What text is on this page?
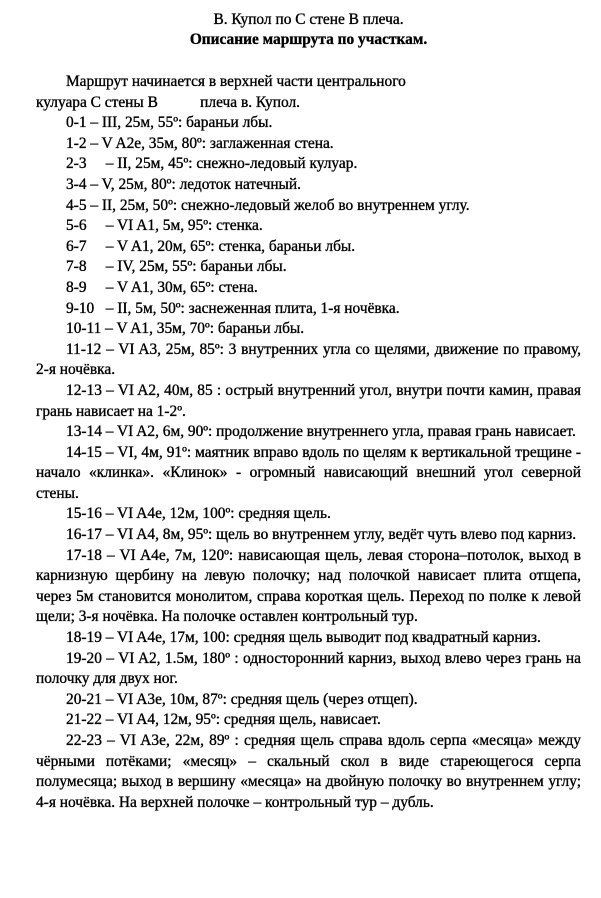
В. Купол по С стене В плеча.

Описание маршрута по участкам.

Маршрут начинается в верхней части центрального
кулуара С стены В           плеча в. Купол.

0-1 – III, 25м, 55º: бараньи лбы.

1-2 – V A2e, 35м, 80º: заглаженная стена.

2-3     – II, 25м, 45º: снежно-ледовый кулуар.

3-4 – V, 25м, 80º: ледоток натечный.

4-5 – II, 25м, 50º: снежно-ледовый желоб во внутреннем углу.

5-6     – VI A1, 5м, 95º: стенка.

6-7     – V A1, 20м, 65º: стенка, бараньи лбы.

7-8     – IV, 25м, 55º: бараньи лбы.

8-9     – V A1, 30м, 65º: стена.

9-10   – II, 5м, 50º: заснеженная плита, 1-я ночёвка.

10-11 – V A1, 35м, 70º: бараньи лбы.

11-12 – VI A3, 25м, 85º: 3 внутренних угла со щелями, движение по правому, 2-я ночёвка.

12-13 – VI A2, 40м, 85 : острый внутренний угол, внутри почти камин, правая грань нависает на 1-2º.

13-14 – VI A2, 6м, 90º: продолжение внутреннего угла, правая грань нависает.

14-15 – VI, 4м, 91º: маятник вправо вдоль по щелям к вертикальной трещине - начало «клинка». «Клинок» - огромный нависающий внешний угол северной стены.

15-16 – VI A4e, 12м, 100º: средняя щель.

16-17 – VI A4, 8м, 95º: щель во внутреннем углу, ведёт чуть влево под карниз.

17-18 – VI A4e, 7м, 120º: нависающая щель, левая сторона–потолок, выход в карнизную щербину на левую полочку; над полочкой нависает плита отщепа, через 5м становится монолитом, справа короткая щель. Переход по полке к левой щели; 3-я ночёвка. На полочке оставлен контрольный тур.

18-19 – VI A4e, 17м, 100: средняя щель выводит под квадратный карниз.

19-20 – VI A2, 1.5м, 180º : односторонний карниз, выход влево через грань на полочку для двух ног.

20-21 – VI A3e, 10м, 87º: средняя щель (через отщеп).

21-22 – VI A4, 12м, 95º: средняя щель, нависает.

22-23 – VI A3e, 22м, 89º : средняя щель справа вдоль серпа «месяца» между чёрными потёками; «месяц» – скальный скол в виде стареющегося серпа полумесяца; выход в вершину «месяца» на двойную полочку во внутреннем углу; 4-я ночёвка. На верхней полочке – контрольный тур – дубль.
